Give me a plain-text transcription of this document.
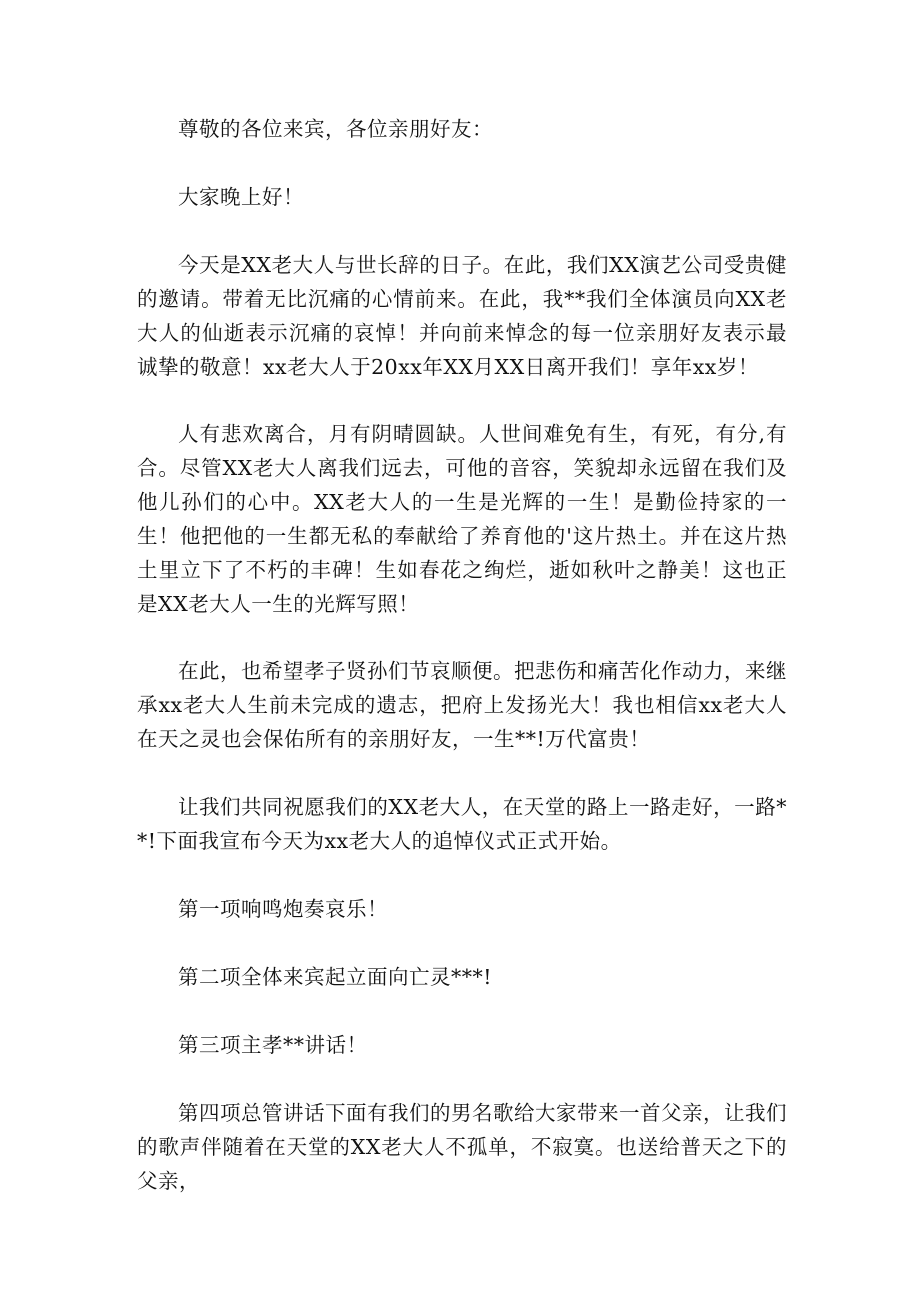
尊敬的各位来宾，各位亲朋好友：

大家晚上好！

今天是XX老大人与世长辞的日子。在此，我们XX演艺公司受贵健的邀请。带着无比沉痛的心情前来。在此，我**我们全体演员向XX老大人的仙逝表示沉痛的哀悼！并向前来悼念的每一位亲朋好友表示最诚挚的敬意！xx老大人于20xx年XX月XX日离开我们！享年xx岁！

人有悲欢离合，月有阴晴圆缺。人世间难免有生，有死，有分,有合。尽管XX老大人离我们远去，可他的音容，笑貌却永远留在我们及他儿孙们的心中。XX老大人的一生是光辉的一生！是勤俭持家的一生！他把他的一生都无私的奉献给了养育他的'这片热土。并在这片热土里立下了不朽的丰碑！生如春花之绚烂，逝如秋叶之静美！这也正是XX老大人一生的光辉写照！

在此，也希望孝子贤孙们节哀顺便。把悲伤和痛苦化作动力，来继承xx老大人生前未完成的遗志，把府上发扬光大！我也相信xx老大人在天之灵也会保佑所有的亲朋好友，一生**!万代富贵！

让我们共同祝愿我们的XX老大人，在天堂的路上一路走好，一路**!下面我宣布今天为xx老大人的追悼仪式正式开始。

第一项响鸣炮奏哀乐！

第二项全体来宾起立面向亡灵***!

第三项主孝**讲话！

第四项总管讲话下面有我们的男名歌给大家带来一首父亲，让我们的歌声伴随着在天堂的XX老大人不孤单，不寂寞。也送给普天之下的父亲，
